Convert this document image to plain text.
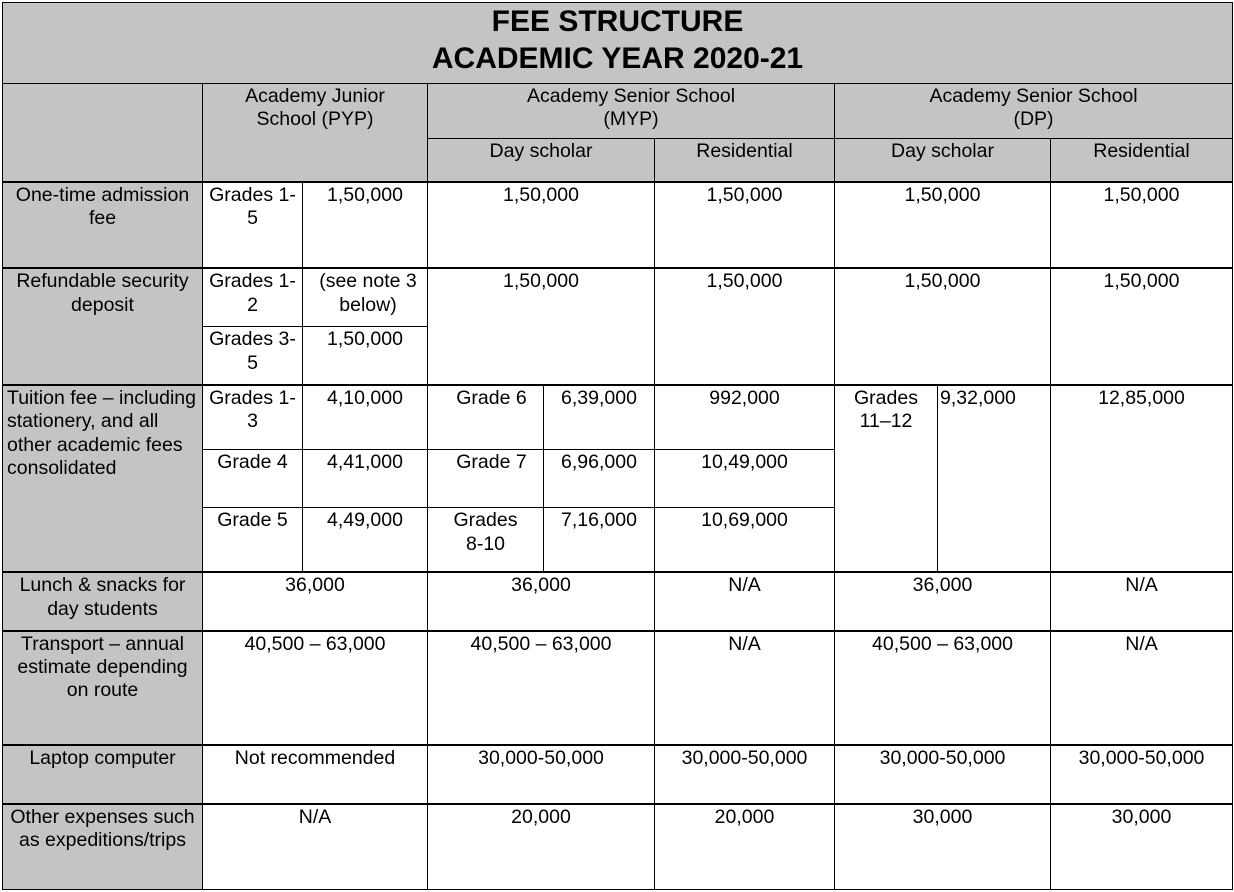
FEE STRUCTURE
ACADEMIC YEAR 2020-21								

	Academy Junior School (PYP)		Academy Senior School (MYP)			Academy Senior School (DP)		
			Day scholar		Residential	Day scholar		Residential
One-time admission fee	Grades 1-5	1,50,000	1,50,000		1,50,000	1,50,000		1,50,000
Refundable security deposit	Grades 1-2	(see note 3 below)	1,50,000		1,50,000	1,50,000		1,50,000
	Grades 3-5	1,50,000						
Tuition fee – including stationery, and all other academic fees consolidated	Grades 1-3	4,10,000	Grade 6	6,39,000	992,000	Grades 11–12	9,32,000	12,85,000
	Grade 4	4,41,000	Grade 7	6,96,000	10,49,000			
	Grade 5	4,49,000	Grades 8-10	7,16,000	10,69,000			
Lunch & snacks for day students	36,000		36,000		N/A	36,000		N/A
Transport – annual estimate depending on route	40,500 – 63,000		40,500 – 63,000		N/A	40,500 – 63,000		N/A
Laptop computer	Not recommended		30,000-50,000		30,000-50,000	30,000-50,000		30,000-50,000
Other expenses such as expeditions/trips	N/A		20,000		20,000	30,000		30,000
